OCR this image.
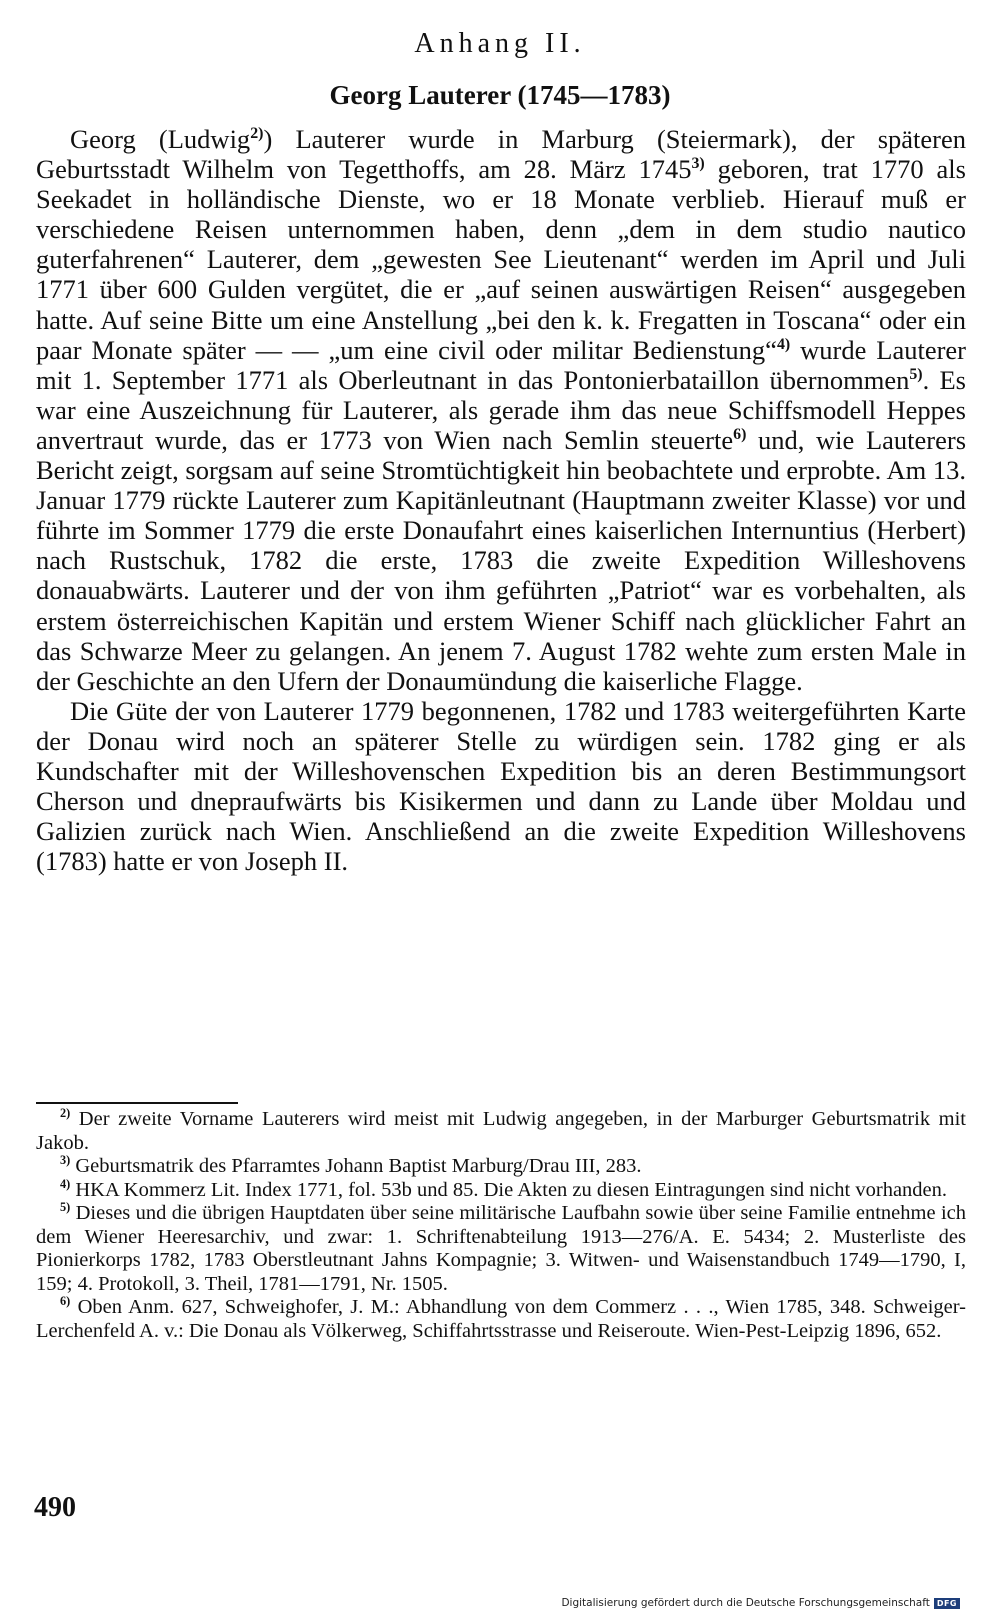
Anhang II.
Georg Lauterer (1745—1783)

Georg (Ludwig$^{2)}$) Lauterer wurde in Marburg (Steiermark), der späteren Geburtsstadt Wilhelm von Tegetthoffs, am 28. März 1745$^{3)}$ geboren, trat 1770 als Seekadet in holländische Dienste, wo er 18 Monate verblieb. Hierauf muß er verschiedene Reisen unternommen haben, denn „dem in dem studio nautico guterfahrenen“ Lauterer, dem „gewesten See Lieutenant“ werden im April und Juli 1771 über 600 Gulden vergütet, die er „auf seinen auswärtigen Reisen“ ausgegeben hatte. Auf seine Bitte um eine Anstellung „bei den k. k. Fregatten in Toscana“ oder ein paar Monate später — — „um eine civil oder militar Bedienstung“$^{4)}$ wurde Lauterer mit 1. September 1771 als Oberleutnant in das Pontonierbataillon übernommen$^{5)}$. Es war eine Auszeichnung für Lauterer, als gerade ihm das neue Schiffsmodell Heppes anvertraut wurde, das er 1773 von Wien nach Semlin steuerte$^{6)}$ und, wie Lauterers Bericht zeigt, sorgsam auf seine Stromtüchtigkeit hin beobachtete und erprobte. Am 13. Januar 1779 rückte Lauterer zum Kapitänleutnant (Hauptmann zweiter Klasse) vor und führte im Sommer 1779 die erste Donaufahrt eines kaiserlichen Internuntius (Herbert) nach Rustschuk, 1782 die erste, 1783 die zweite Expedition Willeshovens donauabwärts. Lauterer und der von ihm geführten „Patriot“ war es vorbehalten, als erstem österreichischen Kapitän und erstem Wiener Schiff nach glücklicher Fahrt an das Schwarze Meer zu gelangen. An jenem 7. August 1782 wehte zum ersten Male in der Geschichte an den Ufern der Donaumündung die kaiserliche Flagge.

Die Güte der von Lauterer 1779 begonnenen, 1782 und 1783 weitergeführten Karte der Donau wird noch an späterer Stelle zu würdigen sein. 1782 ging er als Kundschafter mit der Willeshovenschen Expedition bis an deren Bestimmungsort Cherson und dnepraufwärts bis Kisikermen und dann zu Lande über Moldau und Galizien zurück nach Wien. Anschließend an die zweite Expedition Willeshovens (1783) hatte er von Joseph II.

$^{2)}$ Der zweite Vorname Lauterers wird meist mit Ludwig angegeben, in der Marburger Geburtsmatrik mit Jakob.

$^{3)}$ Geburtsmatrik des Pfarramtes Johann Baptist Marburg/Drau III, 283.

$^{4)}$ HKA Kommerz Lit. Index 1771, fol. 53b und 85. Die Akten zu diesen Eintragungen sind nicht vorhanden.

$^{5)}$ Dieses und die übrigen Hauptdaten über seine militärische Laufbahn sowie über seine Familie entnehme ich dem Wiener Heeresarchiv, und zwar: 1. Schriftenabteilung 1913—276/A. E. 5434; 2. Musterliste des Pionierkorps 1782, 1783 Oberstleutnant Jahns Kompagnie; 3. Witwen- und Waisenstandbuch 1749—1790, I, 159; 4. Protokoll, 3. Theil, 1781—1791, Nr. 1505.

$^{6)}$ Oben Anm. 627, Schweighofer, J. M.: Abhandlung von dem Commerz . . ., Wien 1785, 348. Schweiger-Lerchenfeld A. v.: Die Donau als Völkerweg, Schiffahrtsstrasse und Reiseroute. Wien-Pest-Leipzig 1896, 652.

490
Digitalisierung gefördert durch die Deutsche Forschungsgemeinschaft DFG
